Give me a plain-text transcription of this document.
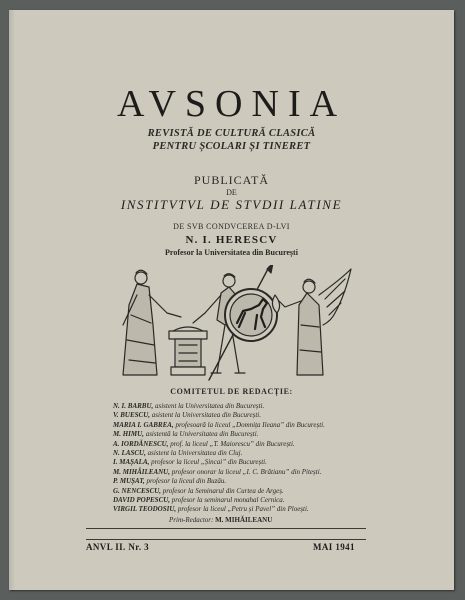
AVSONIA
REVISTĂ DE CULTURĂ CLASICĂ
PENTRU ȘCOLARI ȘI TINERET
PUBLICATĂ
DE
INSTITVTVL DE STVDII LATINE
DE SVB CONDVCEREA D-LVI
N. I. HERESCV
Profesor la Universitatea din București
COMITETUL DE REDACȚIE:
N. I. BARBU, asistent la Universitatea din București.
V. BUESCU, asistent la Universitatea din București.
MARIA I. GABREA, profesoară la liceul „Domnița Ileana” din București.
M. HIMU, asistentă la Universitatea din București.
A. IORDĂNESCU, prof. la liceul „T. Maiorescu” din București.
N. LASCU, asistent la Universitatea din Cluj.
I. MAȘALA, profesor la liceul „Șincai” din București.
M. MIHĂILEANU, profesor onorar la liceul „I. C. Brătianu” din Pitești.
P. MUȘAT, profesor la liceul din Buzău.
G. NENCESCU, profesor la Seminarul din Curtea de Argeș.
DAVID POPESCU, profesor la seminarul monahal Cernica.
VIRGIL TEODOSIU, profesor la liceul „Petru și Pavel” din Ploești.
Prim-Redactor: M. MIHĂILEANU
ANVL II. Nr. 3	MAI 1941
